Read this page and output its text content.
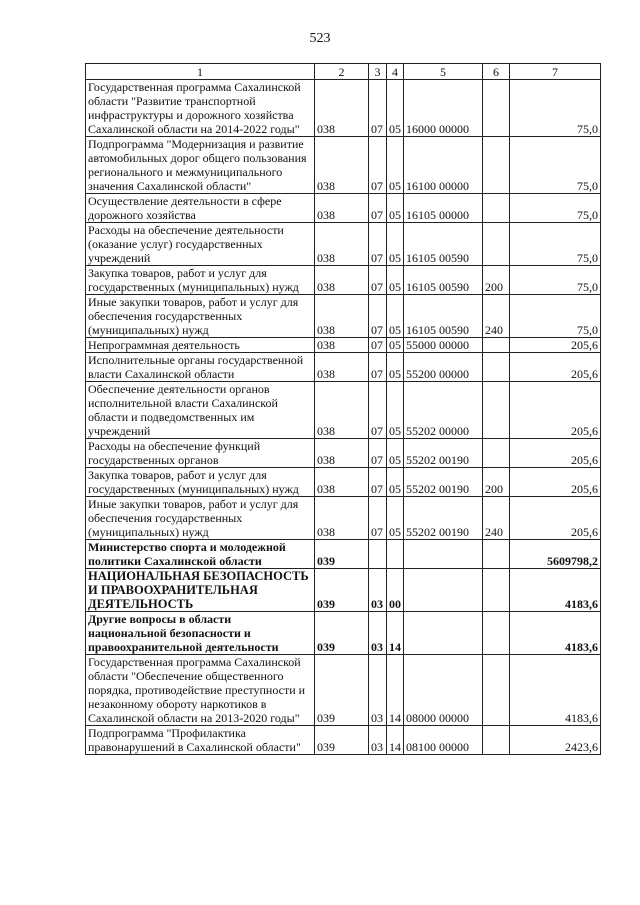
523
1	2	3	4	5	6	7
Государственная программа Сахалинской области "Развитие транспортной инфраструктуры и дорожного хозяйства Сахалинской области на 2014-2022 годы"	038	07	05	16000 00000		75,0
Подпрограмма "Модернизация и развитие автомобильных дорог общего пользования регионального и межмуниципального значения Сахалинской области"	038	07	05	16100 00000		75,0
Осуществление деятельности в сфере дорожного хозяйства	038	07	05	16105 00000		75,0
Расходы на обеспечение деятельности (оказание услуг) государственных учреждений	038	07	05	16105 00590		75,0
Закупка товаров, работ и услуг для государственных (муниципальных) нужд	038	07	05	16105 00590	200	75,0
Иные закупки товаров, работ и услуг для обеспечения государственных (муниципальных) нужд	038	07	05	16105 00590	240	75,0
Непрограммная деятельность	038	07	05	55000 00000		205,6
Исполнительные органы государственной власти Сахалинской области	038	07	05	55200 00000		205,6
Обеспечение деятельности органов исполнительной власти Сахалинской области и подведомственных им учреждений	038	07	05	55202 00000		205,6
Расходы на обеспечение функций государственных органов	038	07	05	55202 00190		205,6
Закупка товаров, работ и услуг для государственных (муниципальных) нужд	038	07	05	55202 00190	200	205,6
Иные закупки товаров, работ и услуг для обеспечения государственных (муниципальных) нужд	038	07	05	55202 00190	240	205,6
Министерство спорта и молодежной политики Сахалинской области	039					5609798,2
НАЦИОНАЛЬНАЯ БЕЗОПАСНОСТЬ И ПРАВООХРАНИТЕЛЬНАЯ ДЕЯТЕЛЬНОСТЬ	039	03	00			4183,6
Другие вопросы в области национальной безопасности и правоохранительной деятельности	039	03	14			4183,6
Государственная программа Сахалинской области "Обеспечение общественного порядка, противодействие преступности и незаконному обороту наркотиков в Сахалинской области на 2013-2020 годы"	039	03	14	08000 00000		4183,6
Подпрограмма "Профилактика правонарушений в Сахалинской области"	039	03	14	08100 00000		2423,6
